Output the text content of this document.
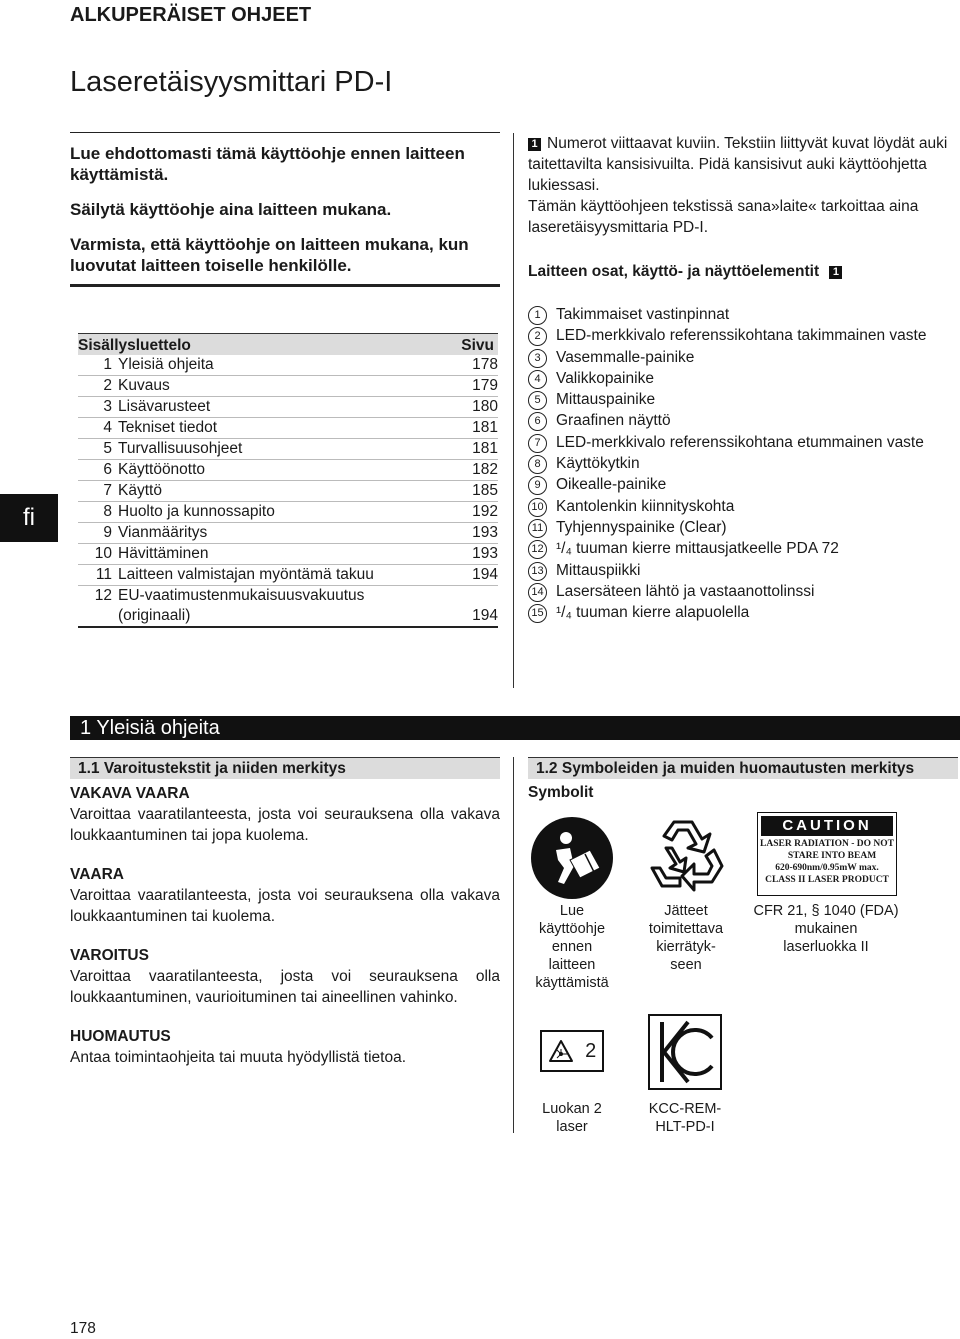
ALKUPERÄISET OHJEET
Laseretäisyysmittari PD-I

Lue ehdottomasti tämä käyttöohje ennen laitteen käyttämistä.

Säilytä käyttöohje aina laitteen mukana.

Varmista, että käyttöohje on laitteen mukana, kun luovutat laitteen toiselle henkilölle.

Sisällysluettelo	Sivu
1 Yleisiä ohjeita	178
2 Kuvaus	179
3 Lisävarusteet	180
4 Tekniset tiedot	181
5 Turvallisuusohjeet	181
6 Käyttöönotto	182
7 Käyttö	185
8 Huolto ja kunnossapito	192
9 Vianmääritys	193
10 Hävittäminen	193
11 Laitteen valmistajan myöntämä takuu	194
12 EU-vaatimustenmukaisuusvakuutus
(originaali)	194
fi
1 Numerot viittaavat kuviin. Tekstiin liittyvät kuvat löydät auki taitettavilta kansisivuilta. Pidä kansisivut auki käyttöohjetta lukiessasi.
Tämän käyttöohjeen tekstissä sana»laite« tarkoittaa aina laseretäisyysmittaria PD-I.
Laitteen osat, käyttö- ja näyttöelementit 1
1 Takimmaiset vastinpinnat
2 LED-merkkivalo referenssikohtana takimmainen vaste
3 Vasemmalle-painike
4 Valikkopainike
5 Mittauspainike
6 Graafinen näyttö
7 LED-merkkivalo referenssikohtana etummainen vaste
8 Käyttökytkin
9 Oikealle-painike
10 Kantolenkin kiinnityskohta
11 Tyhjennyspainike (Clear)
12 ¹/₄ tuuman kierre mittausjatkeelle PDA 72
13 Mittauspiikki
14 Lasersäteen lähtö ja vastaanottolinssi
15 ¹/₄ tuuman kierre alapuolella
1 Yleisiä ohjeita
1.1 Varoitustekstit ja niiden merkitys
VAKAVA VAARA
Varoittaa vaaratilanteesta, josta voi seurauksena olla vakava loukkaantuminen tai jopa kuolema.
VAARA
Varoittaa vaaratilanteesta, josta voi seurauksena olla vakava loukkaantuminen tai kuolema.
VAROITUS
Varoittaa vaaratilanteesta, josta voi seurauksena olla loukkaantuminen, vaurioituminen tai aineellinen vahinko.
HUOMAUTUS
Antaa toimintaohjeita tai muuta hyödyllistä tietoa.
1.2 Symboleiden ja muiden huomautusten merkitys
Symbolit
Lue
käyttöohje
ennen
laitteen
käyttämistä
Jätteet
toimitettava
kierrätyk-
seen
CAUTION
LASER RADIATION - DO NOT
STARE INTO BEAM
620-690nm/0.95mW max.
CLASS II LASER PRODUCT
CFR 21, § 1040 (FDA)
mukainen
laserluokka II
2
Luokan 2
laser
KCC-REM-
HLT-PD-I
178
